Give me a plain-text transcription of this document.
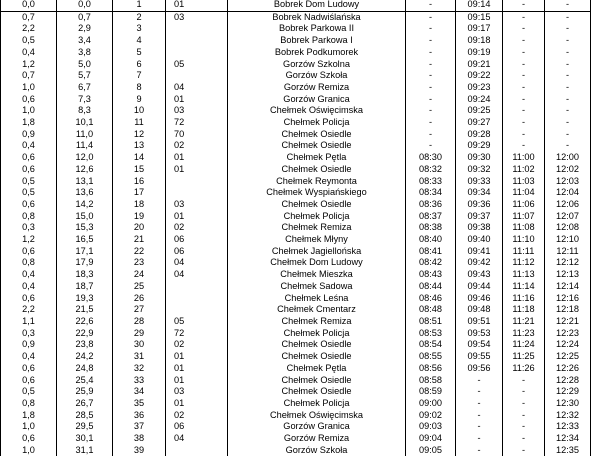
0,0	0,0	1	01	Bobrek Dom Ludowy	-	09:14	-	-
0,7	0,7	2	03	Bobrek Nadwiślańska	-	09:15	-	-
2,2	2,9	3		Bobrek Parkowa II	-	09:17	-	-
0,5	3,4	4		Bobrek Parkowa I	-	09:18	-	-
0,4	3,8	5		Bobrek Podkumorek	-	09:19	-	-
1,2	5,0	6	05	Gorzów Szkolna	-	09:21	-	-
0,7	5,7	7		Gorzów Szkoła	-	09:22	-	-
1,0	6,7	8	04	Gorzów Remiza	-	09:23	-	-
0,6	7,3	9	01	Gorzów Granica	-	09:24	-	-
1,0	8,3	10	03	Chełmek Oświęcimska	-	09:25	-	-
1,8	10,1	11	72	Chełmek Policja	-	09:27	-	-
0,9	11,0	12	70	Chełmek Osiedle	-	09:28	-	-
0,4	11,4	13	02	Chełmek Osiedle	-	09:29	-	-
0,6	12,0	14	01	Chełmek Pętla	08:30	09:30	11:00	12:00
0,6	12,6	15	01	Chełmek Osiedle	08:32	09:32	11:02	12:02
0,5	13,1	16		Chełmek Reymonta	08:33	09:33	11:03	12:03
0,5	13,6	17		Chełmek Wyspiańskiego	08:34	09:34	11:04	12:04
0,6	14,2	18	03	Chełmek Osiedle	08:36	09:36	11:06	12:06
0,8	15,0	19	01	Chełmek Policja	08:37	09:37	11:07	12:07
0,3	15,3	20	02	Chełmek Remiza	08:38	09:38	11:08	12:08
1,2	16,5	21	06	Chełmek Młyny	08:40	09:40	11:10	12:10
0,6	17,1	22	06	Chełmek Jagiellońska	08:41	09:41	11:11	12:11
0,8	17,9	23	04	Chełmek Dom Ludowy	08:42	09:42	11:12	12:12
0,4	18,3	24	04	Chełmek Mieszka	08:43	09:43	11:13	12:13
0,4	18,7	25		Chełmek Sadowa	08:44	09:44	11:14	12:14
0,6	19,3	26		Chełmek Leśna	08:46	09:46	11:16	12:16
2,2	21,5	27		Chełmek Cmentarz	08:48	09:48	11:18	12:18
1,1	22,6	28	05	Chełmek Remiza	08:51	09:51	11:21	12:21
0,3	22,9	29	72	Chełmek Policja	08:53	09:53	11:23	12:23
0,9	23,8	30	02	Chełmek Osiedle	08:54	09:54	11:24	12:24
0,4	24,2	31	01	Chełmek Osiedle	08:55	09:55	11:25	12:25
0,6	24,8	32	01	Chełmek Pętla	08:56	09:56	11:26	12:26
0,6	25,4	33	01	Chełmek Osiedle	08:58	-	-	12:28
0,5	25,9	34	03	Chełmek Osiedle	08:59	-	-	12:29
0,8	26,7	35	01	Chełmek Policja	09:00	-	-	12:30
1,8	28,5	36	02	Chełmek Oświęcimska	09:02	-	-	12:32
1,0	29,5	37	06	Gorzów Granica	09:03	-	-	12:33
0,6	30,1	38	04	Gorzów Remiza	09:04	-	-	12:34
1,0	31,1	39		Gorzów Szkoła	09:05	-	-	12:35
